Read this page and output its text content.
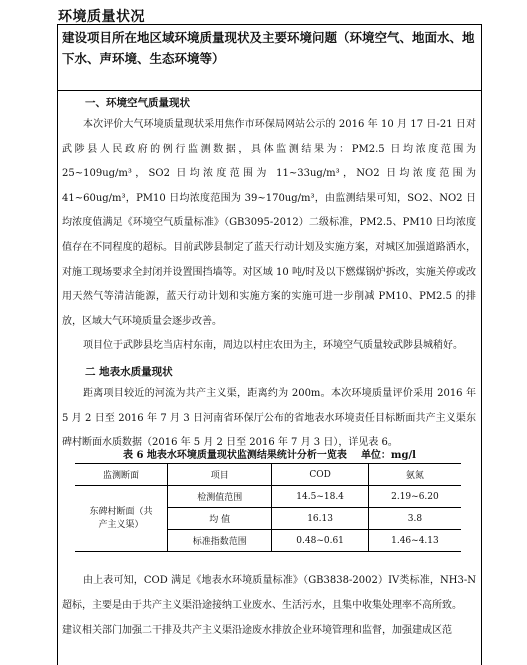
环境质量状况
建设项目所在地区域环境质量现状及主要环境问题（环境空气、地面水、地下水、声环境、生态环境等）
一、环境空气质量现状
本次评价大气环境质量现状采用焦作市环保局网站公示的 2016 年 10 月 17 日-21 日对武陟县人民政府的例行监测数据，具体监测结果为：PM2.5 日均浓度范围为 25~109ug/m³，SO2 日均浓度范围为 11~33ug/m³，NO2 日均浓度范围为 41~60ug/m³，PM10 日均浓度范围为 39~170ug/m³，由监测结果可知，SO2、NO2 日均浓度值满足《环境空气质量标准》（GB3095-2012）二级标准，PM2.5、PM10 日均浓度值存在不同程度的超标。目前武陟县制定了蓝天行动计划及实施方案，对城区加强道路洒水，对施工现场要求全封闭并设置围挡墙等。对区域 10 吨/时及以下燃煤锅炉拆改，实施关停或改用天然气等清洁能源，蓝天行动计划和实施方案的实施可进一步削减 PM10、PM2.5 的排放，区域大气环境质量会逐步改善。
项目位于武陟县圪当店村东南，周边以村庄农田为主，环境空气质量较武陟县城稍好。
二 地表水质量现状
距离项目较近的河流为共产主义渠，距离约为 200m。本次环境质量评价采用 2016 年 5 月 2 日至 2016 年 7 月 3 日河南省环保厅公布的省地表水环境责任目标断面共产主义渠东碑村断面水质数据（2016 年 5 月 2 日至 2016 年 7 月 3 日），详见表 6。
表 6 地表水环境质量现状监测结果统计分析一览表 单位：mg/l
监测断面	项目	COD	氨氮
东碑村断面（共产主义渠）	检测值范围	14.5~18.4	2.19~6.20
	均 值	16.13	3.8
	标准指数范围	0.48~0.61	1.46~4.13
由上表可知，COD 满足《地表水环境质量标准》（GB3838-2002）IV类标准，NH3-N 超标，主要是由于共产主义渠沿途接纳工业废水、生活污水，且集中收集处理率不高所致。
建议相关部门加强二干排及共产主义渠沿途废水排放企业环境管理和监督，加强建成区范
